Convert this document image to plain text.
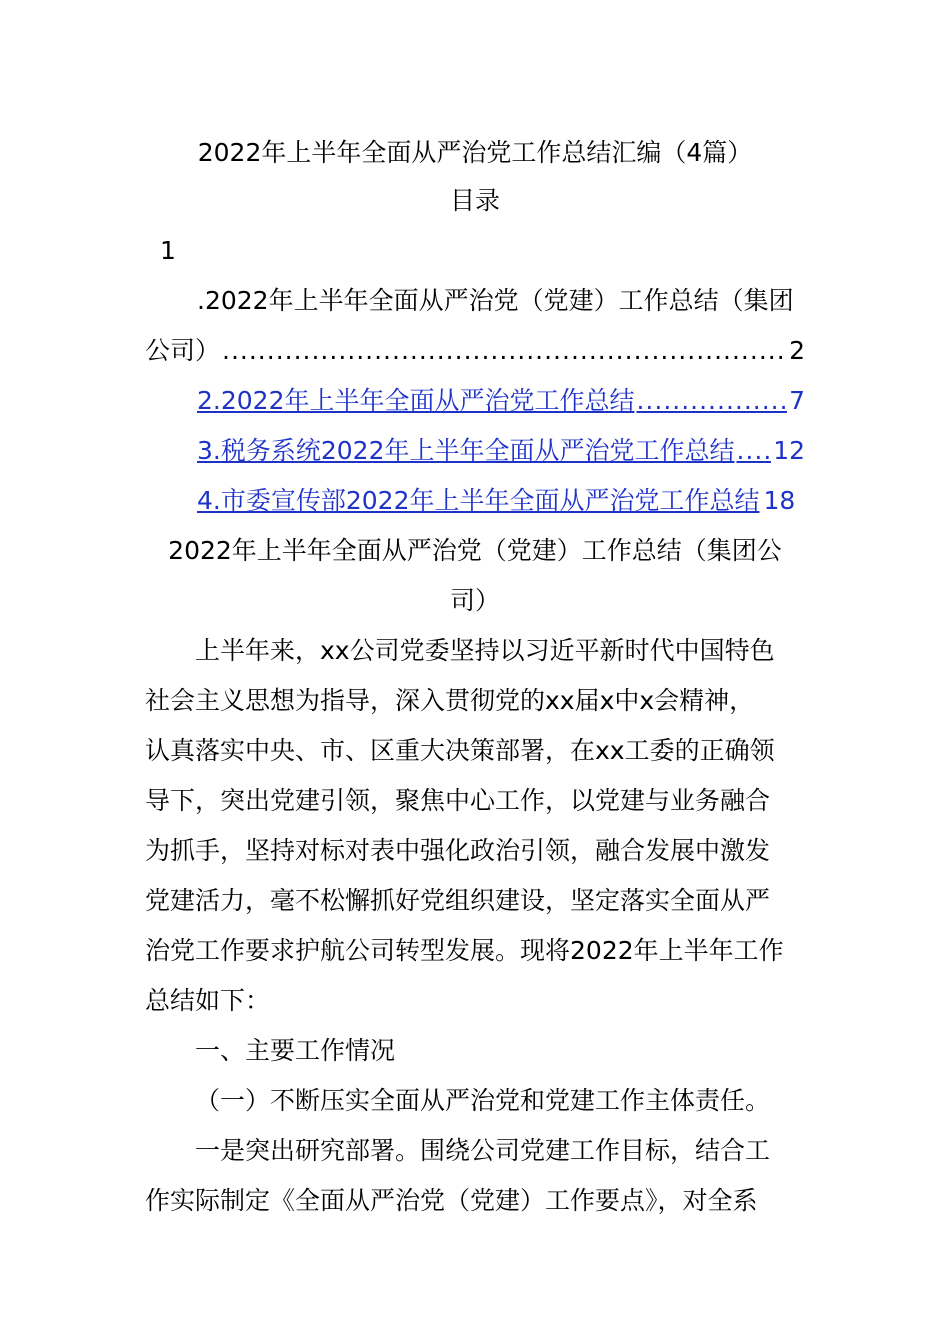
2022年上半年全面从严治党工作总结汇编（4篇）
目录
1
.2022年上半年全面从严治党（党建）工作总结（集团
公司） .....	2
2.2022年上半年全面从严治党工作总结 .....	7
3.税务系统2022年上半年全面从严治党工作总结 ..... 12
4.市委宣传部2022年上半年全面从严治党工作总结 18
2022年上半年全面从严治党（党建）工作总结（集团公
司）
上半年来，xx公司党委坚持以习近平新时代中国特色
社会主义思想为指导，深入贯彻党的xx届x中x会精神，
认真落实中央、市、区重大决策部署，在xx工委的正确领
导下，突出党建引领，聚焦中心工作，以党建与业务融合
为抓手，坚持对标对表中强化政治引领，融合发展中激发
党建活力，毫不松懈抓好党组织建设，坚定落实全面从严
治党工作要求护航公司转型发展。现将2022年上半年工作
总结如下：
一、主要工作情况
（一）不断压实全面从严治党和党建工作主体责任。
一是突出研究部署。围绕公司党建工作目标，结合工
作实际制定《全面从严治党（党建）工作要点》，对全系
